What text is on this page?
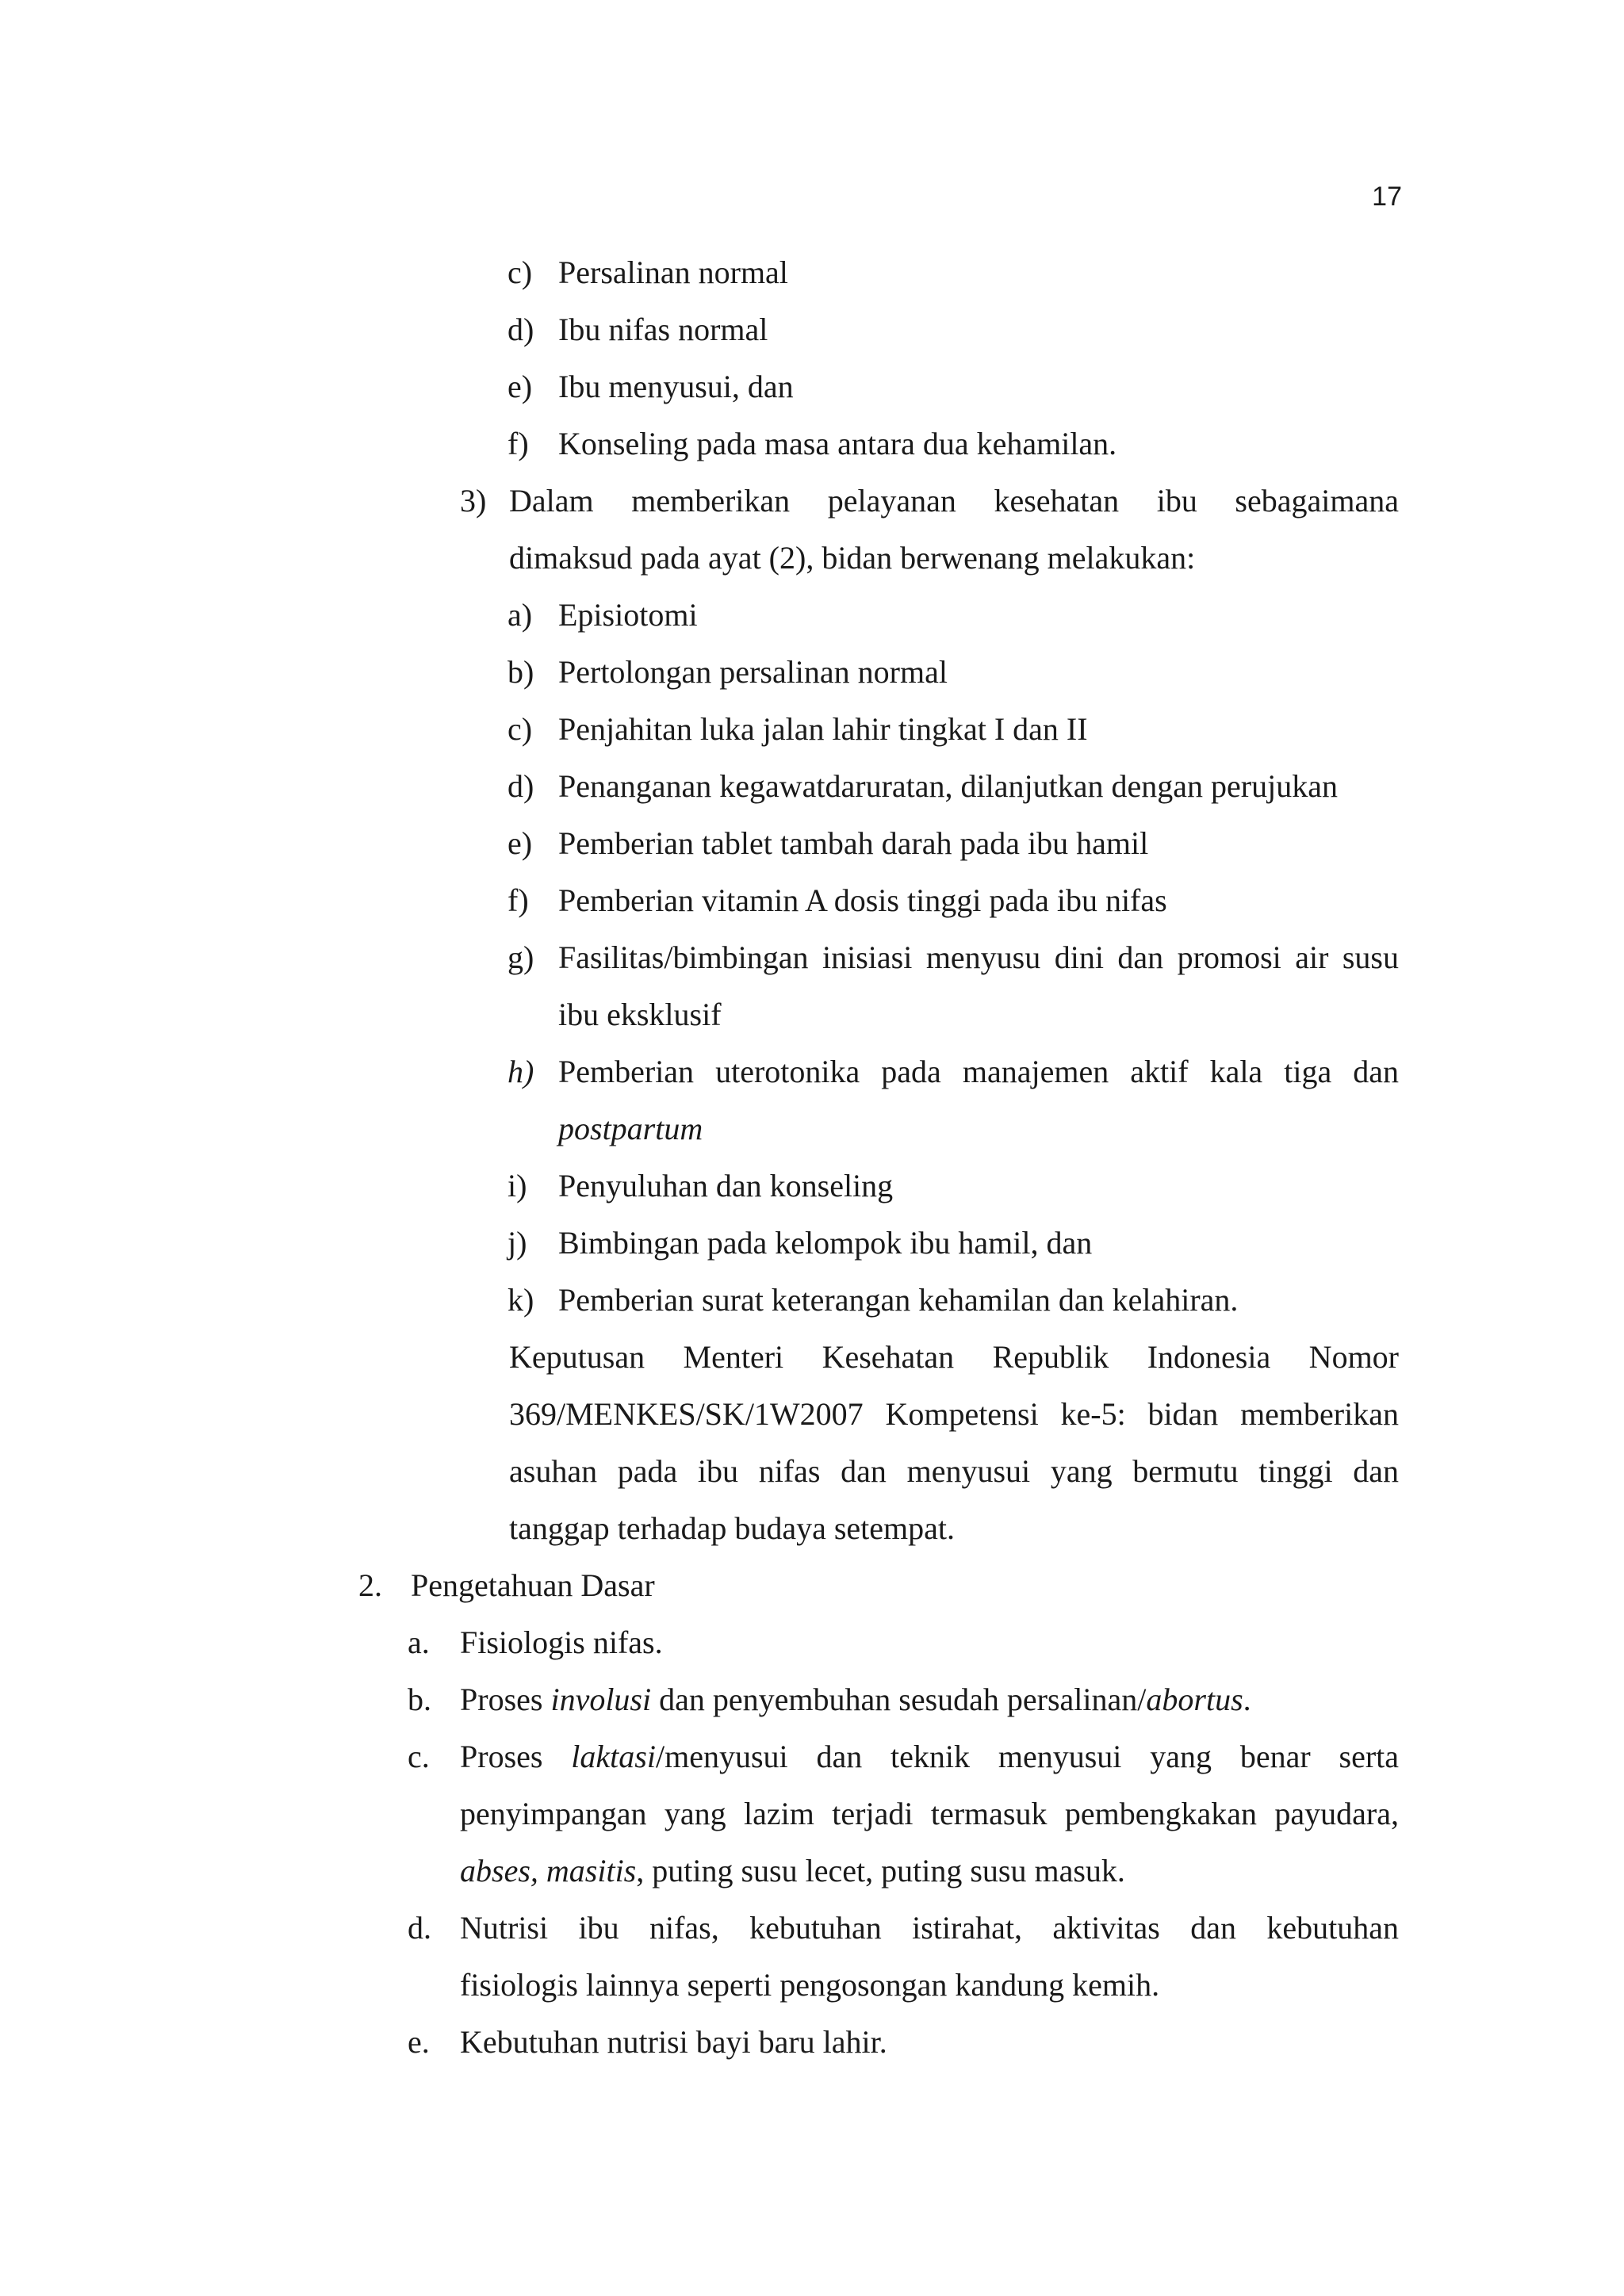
17
c) Persalinan normal
d) Ibu nifas normal
e) Ibu menyusui, dan
f) Konseling pada masa antara dua kehamilan.
3) Dalam memberikan pelayanan kesehatan ibu sebagaimana
dimaksud pada ayat (2), bidan berwenang melakukan:
a) Episiotomi
b) Pertolongan persalinan normal
c) Penjahitan luka jalan lahir tingkat I dan II
d) Penanganan kegawatdaruratan, dilanjutkan dengan perujukan
e) Pemberian tablet tambah darah pada ibu hamil
f) Pemberian vitamin A dosis tinggi pada ibu nifas
g) Fasilitas/bimbingan inisiasi menyusu dini dan promosi air susu
ibu eksklusif
h) Pemberian uterotonika pada manajemen aktif kala tiga dan
postpartum
i) Penyuluhan dan konseling
j) Bimbingan pada kelompok ibu hamil, dan
k) Pemberian surat keterangan kehamilan dan kelahiran.
Keputusan Menteri Kesehatan Republik Indonesia Nomor
369/MENKES/SK/1W2007 Kompetensi ke-5: bidan memberikan
asuhan pada ibu nifas dan menyusui yang bermutu tinggi dan
tanggap terhadap budaya setempat.
2. Pengetahuan Dasar
a. Fisiologis nifas.
b. Proses involusi dan penyembuhan sesudah persalinan/abortus.
c. Proses laktasi/menyusui dan teknik menyusui yang benar serta
penyimpangan yang lazim terjadi termasuk pembengkakan payudara,
abses, masitis, puting susu lecet, puting susu masuk.
d. Nutrisi ibu nifas, kebutuhan istirahat, aktivitas dan kebutuhan
fisiologis lainnya seperti pengosongan kandung kemih.
e. Kebutuhan nutrisi bayi baru lahir.
